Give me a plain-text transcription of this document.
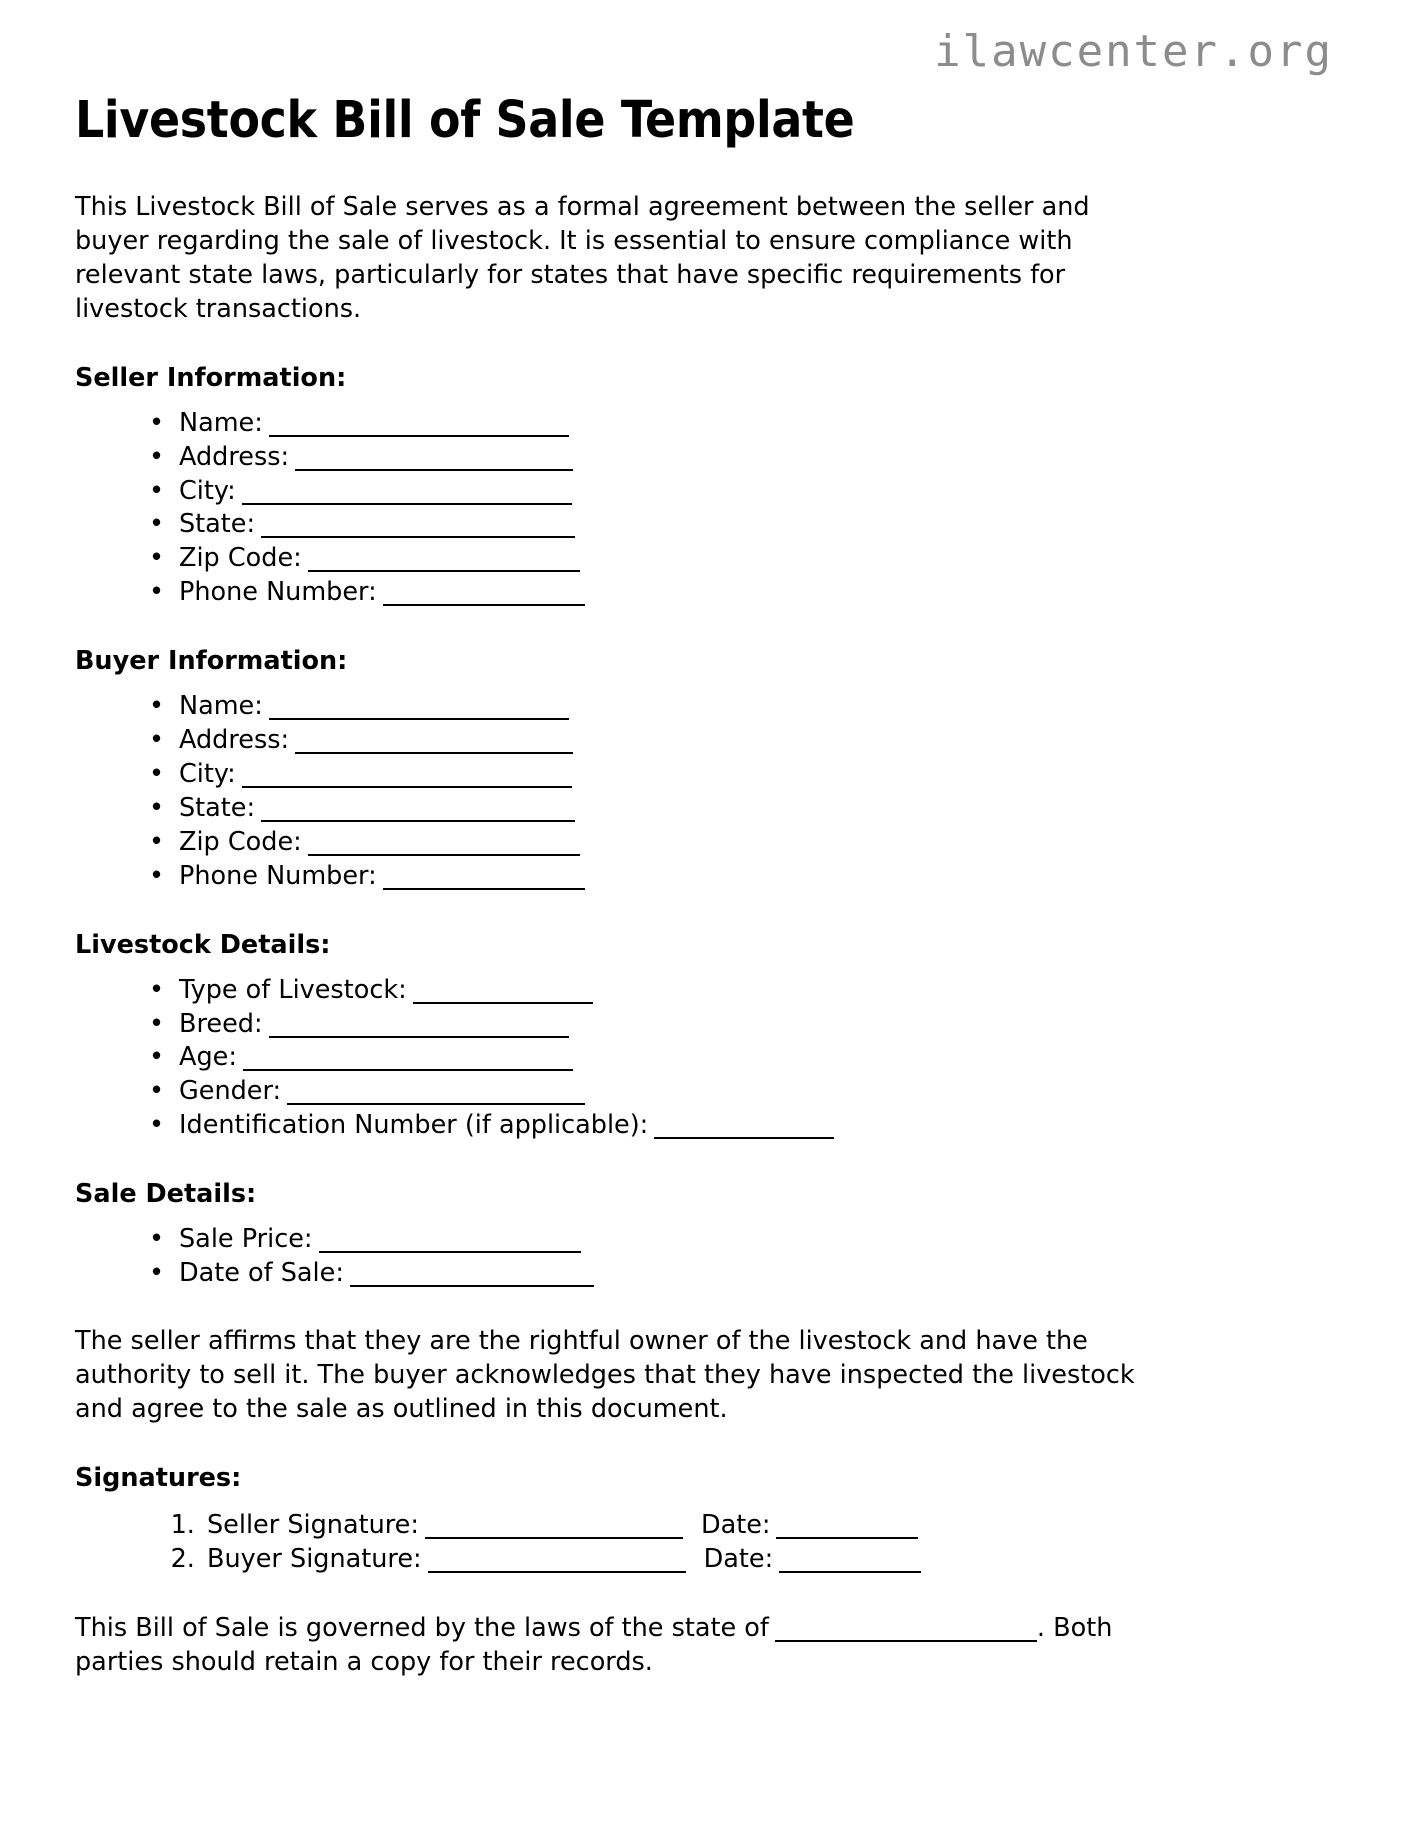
ilawcenter.org
Livestock Bill of Sale Template

This Livestock Bill of Sale serves as a formal agreement between the seller and buyer regarding the sale of livestock. It is essential to ensure compliance with relevant state laws, particularly for states that have specific requirements for livestock transactions.

Seller Information:
• Name:
• Address:
• City:
• State:
• Zip Code:
• Phone Number:
Buyer Information:
• Name:
• Address:
• City:
• State:
• Zip Code:
• Phone Number:
Livestock Details:
• Type of Livestock:
• Breed:
• Age:
• Gender:
• Identification Number (if applicable):
Sale Details:
• Sale Price:
• Date of Sale:

The seller affirms that they are the rightful owner of the livestock and have the authority to sell it. The buyer acknowledges that they have inspected the livestock and agree to the sale as outlined in this document.

Signatures:
1. Seller Signature:	Date:
2. Buyer Signature:	Date:

This Bill of Sale is governed by the laws of the state of	. Both parties should retain a copy for their records.
